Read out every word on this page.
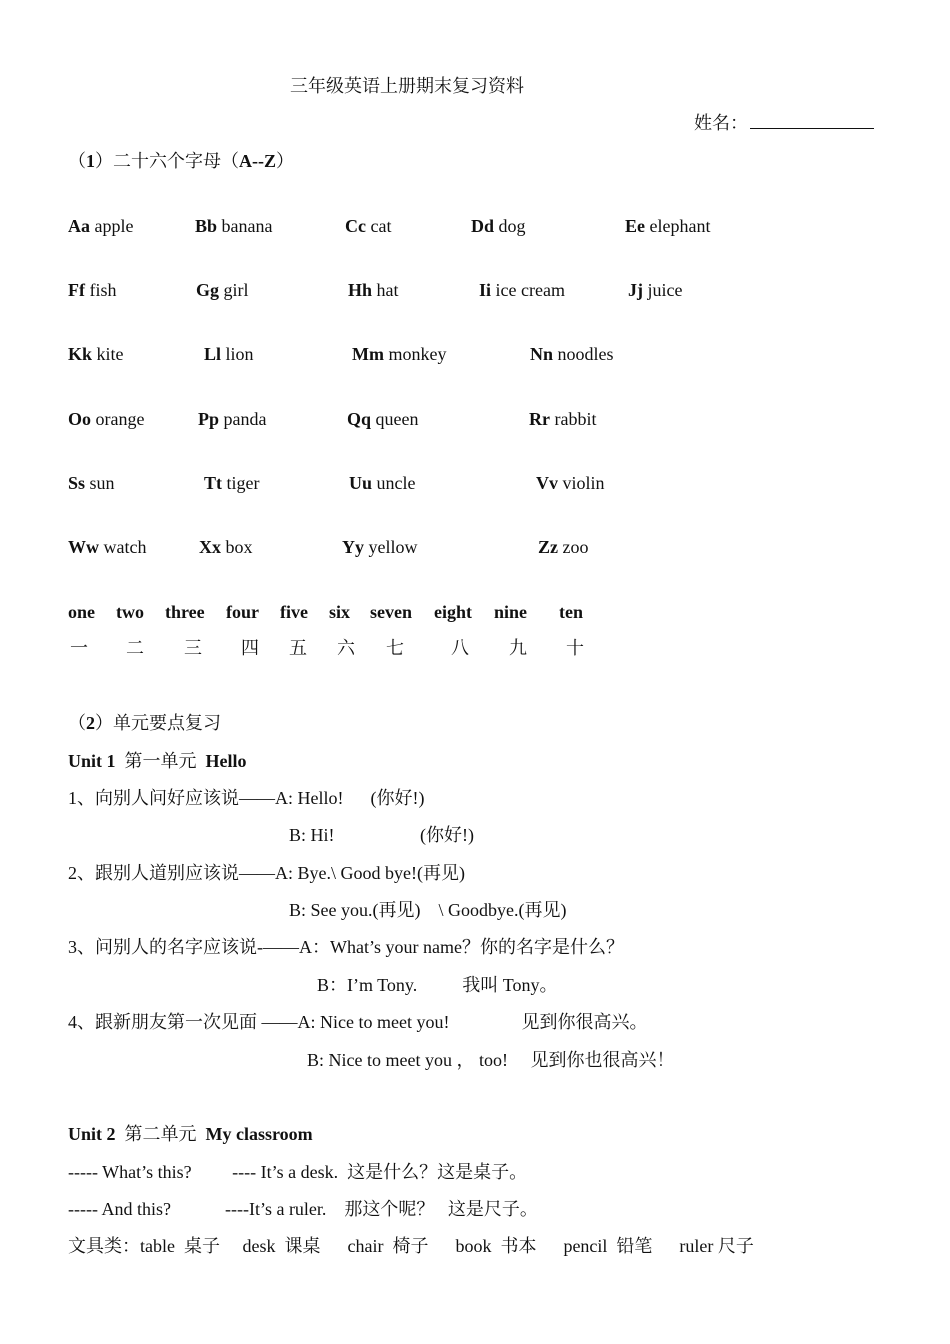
三年级英语上册期末复习资料
姓名：
（1）二十六个字母（A--Z）
Aa apple	Bb banana	Cc cat	Dd dog	Ee elephant
Ff fish	Gg girl	Hh hat	Ii ice cream	Jj juice
Kk kite	Ll lion	Mm monkey	Nn noodles
Oo orange	Pp panda	Qq queen	Rr rabbit
Ss sun	Tt tiger	Uu uncle	Vv violin
Ww watch	Xx box	Yy yellow	Zz zoo
one two three four five six seven eight nine ten
一 二 三 四 五 六 七	八 九 十
（2）单元要点复习
Unit 1 第一单元 Hello
1、向别人问好应该说——A: Hello!      (你好!)
B: Hi!                   (你好!)
2、跟别人道别应该说——A: Bye.\ Good bye!(再见)
B: See you.(再见)    \ Goodbye.(再见)
3、问别人的名字应该说-——A：What’s your name？你的名字是什么？
B：I’m Tony.          我叫 Tony。
4、跟新朋友第一次见面 ——A: Nice to meet you!                见到你很高兴。
B: Nice to meet you ， too!     见到你也很高兴！
Unit 2 第二单元 My classroom
----- What’s this?         ---- It’s a desk.  这是什么？这是桌子。
----- And this?            ----It’s a ruler.    那这个呢？   这是尺子。
文具类：table  桌子     desk  课桌      chair  椅子      book  书本      pencil  铅笔      ruler 尺子
